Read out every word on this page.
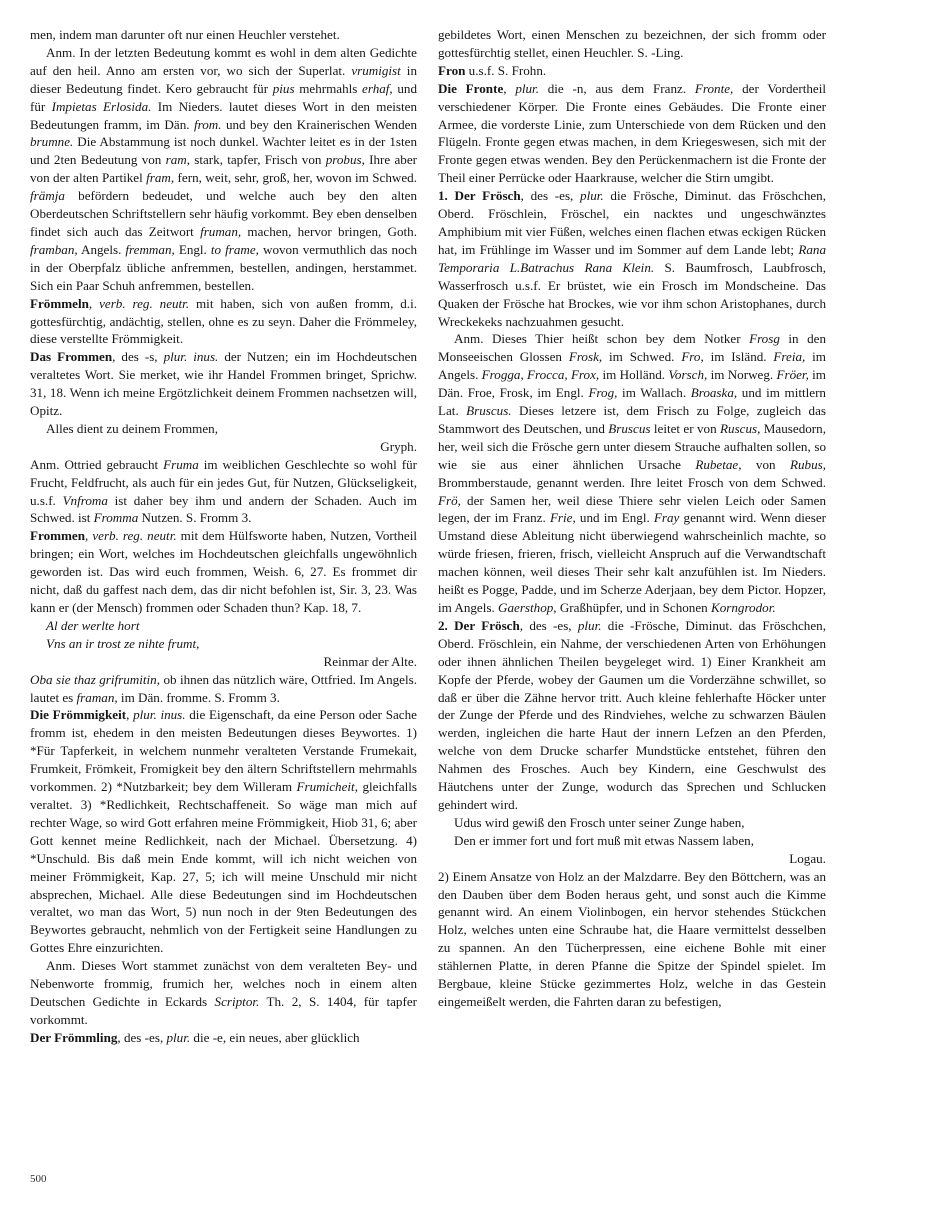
men, indem man darunter oft nur einen Heuchler verstehet.
Anm. In der letzten Bedeutung kommt es wohl in dem alten Gedichte auf den heil. Anno am ersten vor, wo sich der Superlat. vrumigist in dieser Bedeutung findet. Kero gebraucht für pius mehrmahls erhaf, und für Impietas Erlosida. Im Nieders. lautet dieses Wort in den meisten Bedeutungen framm, im Dän. from. und bey den Krainerischen Wenden brumne. Die Abstammung ist noch dunkel. Wachter leitet es in der 1sten und 2ten Bedeutung von ram, stark, tapfer, Frisch von probus, Ihre aber von der alten Partikel fram, fern, weit, sehr, groß, her, wovon im Schwed. främja befördern bedeudet, und welche auch bey den alten Oberdeutschen Schriftstellern sehr häufig vorkommt. Bey eben denselben findet sich auch das Zeitwort fruman, machen, hervor bringen, Goth. framban, Angels. fremman, Engl. to frame, wovon vermuthlich das noch in der Oberpfalz übliche anfremmen, bestellen, andingen, herstammet. Sich ein Paar Schuh anfremmen, bestellen.
Frömmeln, verb. reg. neutr. mit haben, sich von außen fromm, d.i. gottesfürchtig, andächtig, stellen, ohne es zu seyn. Daher die Frömmeley, diese verstellte Frömmigkeit.
Das Frommen, des -s, plur. inus. der Nutzen; ein im Hochdeutschen veraltetes Wort. Sie merket, wie ihr Handel Frommen bringet, Sprichw. 31, 18. Wenn ich meine Ergötzlichkeit deinem Frommen nachsetzen will, Opitz.
Alles dient zu deinem Frommen,
Gryph.
Anm. Ottried gebraucht Fruma im weiblichen Geschlechte so wohl für Frucht, Feldfrucht, als auch für ein jedes Gut, für Nutzen, Glückseligkeit, u.s.f. Vnfroma ist daher bey ihm und andern der Schaden. Auch im Schwed. ist Fromma Nutzen. S. Fromm 3.
Frommen, verb. reg. neutr. mit dem Hülfsworte haben, Nutzen, Vortheil bringen; ein Wort, welches im Hochdeutschen gleichfalls ungewöhnlich geworden ist. Das wird euch frommen, Weish. 6, 27. Es frommet dir nicht, daß du gaffest nach dem, das dir nicht befohlen ist, Sir. 3, 23. Was kann er (der Mensch) frommen oder Schaden thun? Kap. 18, 7.
Al der werlte hort
Vns an ir trost ze nihte frumt,
Reinmar der Alte.
Oba sie thaz grifrumitin, ob ihnen das nützlich wäre, Ottfried. Im Angels. lautet es framan, im Dän. fromme. S. Fromm 3.
Die Frömmigkeit, plur. inus. die Eigenschaft, da eine Person oder Sache fromm ist, ehedem in den meisten Bedeutungen dieses Beywortes. 1) *Für Tapferkeit, in welchem nunmehr veralteten Verstande Frumekait, Frumkeit, Frömkeit, Fromigkeit bey den ältern Schriftstellern mehrmahls vorkommen. 2) *Nutzbarkeit; bey dem Willeram Frumicheit, gleichfalls veraltet. 3) *Redlichkeit, Rechtschaffeneit. So wäge man mich auf rechter Wage, so wird Gott erfahren meine Frömmigkeit, Hiob 31, 6; aber Gott kennet meine Redlichkeit, nach der Michael. Übersetzung. 4) *Unschuld. Bis daß mein Ende kommt, will ich nicht weichen von meiner Frömmigkeit, Kap. 27, 5; ich will meine Unschuld mir nicht absprechen, Michael. Alle diese Bedeutungen sind im Hochdeutschen veraltet, wo man das Wort, 5) nun noch in der 9ten Bedeutungen des Beywortes gebraucht, nehmlich von der Fertigkeit seine Handlungen zu Gottes Ehre einzurichten.
Anm. Dieses Wort stammet zunächst von dem veralteten Bey- und Nebenworte frommig, frumich her, welches noch in einem alten Deutschen Gedichte in Eckards Scriptor. Th. 2, S. 1404, für tapfer vorkommt.
Der Frömmling, des -es, plur. die -e, ein neues, aber glücklich
gebildetes Wort, einen Menschen zu bezeichnen, der sich fromm oder gottesfürchtig stellet, einen Heuchler. S. -Ling.
Fron u.s.f. S. Frohn.
Die Fronte, plur. die -n, aus dem Franz. Fronte, der Vordertheil verschiedener Körper. Die Fronte eines Gebäudes. Die Fronte einer Armee, die vorderste Linie, zum Unterschiede von dem Rücken und den Flügeln. Fronte gegen etwas machen, in dem Kriegeswesen, sich mit der Fronte gegen etwas wenden. Bey den Perückenmachern ist die Fronte der Theil einer Perrücke oder Haarkrause, welcher die Stirn umgibt.
1. Der Frösch, des -es, plur. die Frösche, Diminut. das Fröschchen, Oberd. Fröschlein, Fröschel, ein nacktes und ungeschwänztes Amphibium mit vier Füßen, welches einen flachen etwas eckigen Rücken hat, im Frühlinge im Wasser und im Sommer auf dem Lande lebt; Rana Temporaria L.Batrachus Rana Klein. S. Baumfrosch, Laubfrosch, Wasserfrosch u.s.f. Er brüstet, wie ein Frosch im Mondscheine. Das Quaken der Frösche hat Brockes, wie vor ihm schon Aristophanes, durch Wreckekeks nachzuahmen gesucht.
Anm. Dieses Thier heißt schon bey dem Notker Frosg in den Monseeischen Glossen Frosk, im Schwed. Fro, im Isländ. Freia, im Angels. Frogga, Frocca, Frox, im Holländ. Vorsch, im Norweg. Fröer, im Dän. Froe, Frosk, im Engl. Frog, im Wallach. Broaska, und im mittlern Lat. Bruscus. Dieses letzere ist, dem Frisch zu Folge, zugleich das Stammwort des Deutschen, und Bruscus leitet er von Ruscus, Mausedorn, her, weil sich die Frösche gern unter diesem Strauche aufhalten sollen, so wie sie aus einer ähnlichen Ursache Rubetae, von Rubus, Brommberstaude, genannt werden. Ihre leitet Frosch von dem Schwed. Frö, der Samen her, weil diese Thiere sehr vielen Leich oder Samen legen, der im Franz. Frie, und im Engl. Fray genannt wird. Wenn dieser Umstand diese Ableitung nicht überwiegend wahrscheinlich machte, so würde friesen, frieren, frisch, vielleicht Anspruch auf die Verwandtschaft machen können, weil dieses Their sehr kalt anzufühlen ist. Im Nieders. heißt es Pogge, Padde, und im Scherze Aderjaan, bey dem Pictor. Hopzer, im Angels. Gaersthop, Graßhüpfer, und in Schonen Korngrodor.
2. Der Frösch, des -es, plur. die -Frösche, Diminut. das Fröschchen, Oberd. Fröschlein, ein Nahme, der verschiedenen Arten von Erhöhungen oder ihnen ähnlichen Theilen beygeleget wird. 1) Einer Krankheit am Kopfe der Pferde, wobey der Gaumen um die Vorderzähne schwillet, so daß er über die Zähne hervor tritt. Auch kleine fehlerhafte Höcker unter der Zunge der Pferde und des Rindviehes, welche zu schwarzen Bäulen werden, ingleichen die harte Haut der innern Lefzen an den Pferden, welche von dem Drucke scharfer Mundstücke entstehet, führen den Nahmen des Frosches. Auch bey Kindern, eine Geschwulst des Häutchens unter der Zunge, wodurch das Sprechen und Schlucken gehindert wird.
Udus wird gewiß den Frosch unter seiner Zunge haben,
Den er immer fort und fort muß mit etwas Nassem laben,
Logau.
2) Einem Ansatze von Holz an der Malzdarre. Bey den Böttchern, was an den Dauben über dem Boden heraus geht, und sonst auch die Kimme genannt wird. An einem Violinbogen, ein hervor stehendes Stückchen Holz, welches unten eine Schraube hat, die Haare vermittelst desselben zu spannen. An den Tücherpressen, eine eichene Bohle mit einer stählernen Platte, in deren Pfanne die Spitze der Spindel spielet. Im Bergbaue, kleine Stücke gezimmertes Holz, welche in das Gestein eingemeißelt werden, die Fahrten daran zu befestigen,
500
